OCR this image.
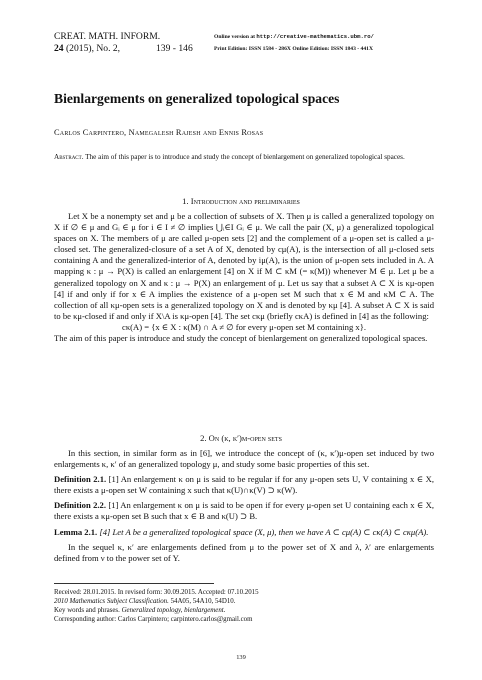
CREAT. MATH. INFORM.
24 (2015), No. 2,	139 - 146
Online version at http://creative-mathematics.ubm.ro/
Print Edition: ISSN 1584 - 286X Online Edition: ISSN 1843 - 441X
Bienlargements on generalized topological spaces
Carlos Carpintero, Namegalesh Rajesh and Ennis Rosas
Abstract. The aim of this paper is to introduce and study the concept of bienlargement on generalized topological spaces.
1. Introduction and preliminaries

Let X be a nonempty set and μ be a collection of subsets of X. Then μ is called a generalized topology on X if ∅ ∈ μ and Gᵢ ∈ μ for i ∈ I ≠ ∅ implies ⋃ᵢ∈I Gᵢ ∈ μ. We call the pair (X, μ) a generalized topological spaces on X. The members of μ are called μ-open sets [2] and the complement of a μ-open set is called a μ-closed set. The generalized-closure of a set A of X, denoted by cμ(A), is the intersection of all μ-closed sets containing A and the generalized-interior of A, denoted by iμ(A), is the union of μ-open sets included in A. A mapping κ : μ → P(X) is called an enlargement [4] on X if M ⊂ κM (= κ(M)) whenever M ∈ μ. Let μ be a generalized topology on X and κ : μ → P(X) an enlargement of μ. Let us say that a subset A ⊂ X is κμ-open [4] if and only if for x ∈ A implies the existence of a μ-open set M such that x ∈ M and κM ⊂ A. The collection of all κμ-open sets is a generalized topology on X and is denoted by κμ [4]. A subset A ⊂ X is said to be κμ-closed if and only if X\A is κμ-open [4]. The set cκμ (briefly cκA) is defined in [4] as the following:

cκ(A) = {x ∈ X : κ(M) ∩ A ≠ ∅ for every μ-open set M containing x}.

The aim of this paper is introduce and study the concept of bienlargement on generalized topological spaces.

2. On (κ, κ′)μ-open sets

In this section, in similar form as in [6], we introduce the concept of (κ, κ′)μ-open set induced by two enlargements κ, κ′ of an generalized topology μ, and study some basic properties of this set.

Definition 2.1. [1] An enlargement κ on μ is said to be regular if for any μ-open sets U, V containing x ∈ X, there exists a μ-open set W containing x such that κ(U)∩κ(V) ⊃ κ(W).

Definition 2.2. [1] An enlargement κ on μ is said to be open if for every μ-open set U containing each x ∈ X, there exists a κμ-open set B such that x ∈ B and κ(U) ⊃ B.

Lemma 2.1. [4] Let A be a generalized topological space (X, μ), then we have A ⊂ cμ(A) ⊂ cκ(A) ⊂ cκμ(A).

In the sequel κ, κ′ are enlargements defined from μ to the power set of X and λ, λ′ are enlargements defined from ν to the power set of Y.

Received: 28.01.2015. In revised form: 30.09.2015. Accepted: 07.10.2015
2010 Mathematics Subject Classification. 54A05, 54A10, 54D10.
Key words and phrases. Generalized topology, bienlargement.
Corresponding author: Carlos Carpintero; carpintero.carlos@gmail.com
139
